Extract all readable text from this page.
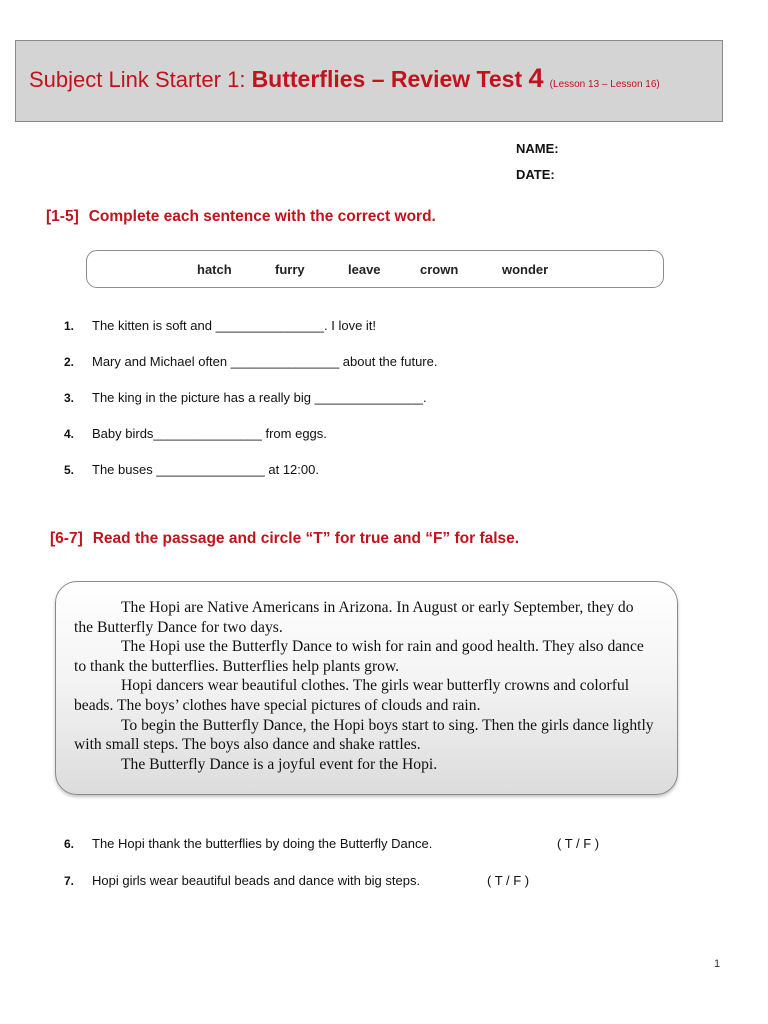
Subject Link Starter 1: Butterflies – Review Test 4 (Lesson 13 – Lesson 16)
NAME:
DATE:
[1-5] Complete each sentence with the correct word.
hatch	furry	leave	crown	wonder
1. The kitten is soft and _______________. I love it!
2. Mary and Michael often _______________ about the future.
3. The king in the picture has a really big _______________.
4. Baby birds_______________ from eggs.
5. The buses _______________ at 12:00.
[6-7] Read the passage and circle “T” for true and “F” for false.

The Hopi are Native Americans in Arizona. In August or early September, they do the Butterfly Dance for two days.

The Hopi use the Butterfly Dance to wish for rain and good health. They also dance to thank the butterflies. Butterflies help plants grow.

Hopi dancers wear beautiful clothes. The girls wear butterfly crowns and colorful beads. The boys’ clothes have special pictures of clouds and rain.

To begin the Butterfly Dance, the Hopi boys start to sing. Then the girls dance lightly with small steps. The boys also dance and shake rattles.

The Butterfly Dance is a joyful event for the Hopi.

6. The Hopi thank the butterflies by doing the Butterfly Dance.	( T / F )
7. Hopi girls wear beautiful beads and dance with big steps.	( T / F )
1
